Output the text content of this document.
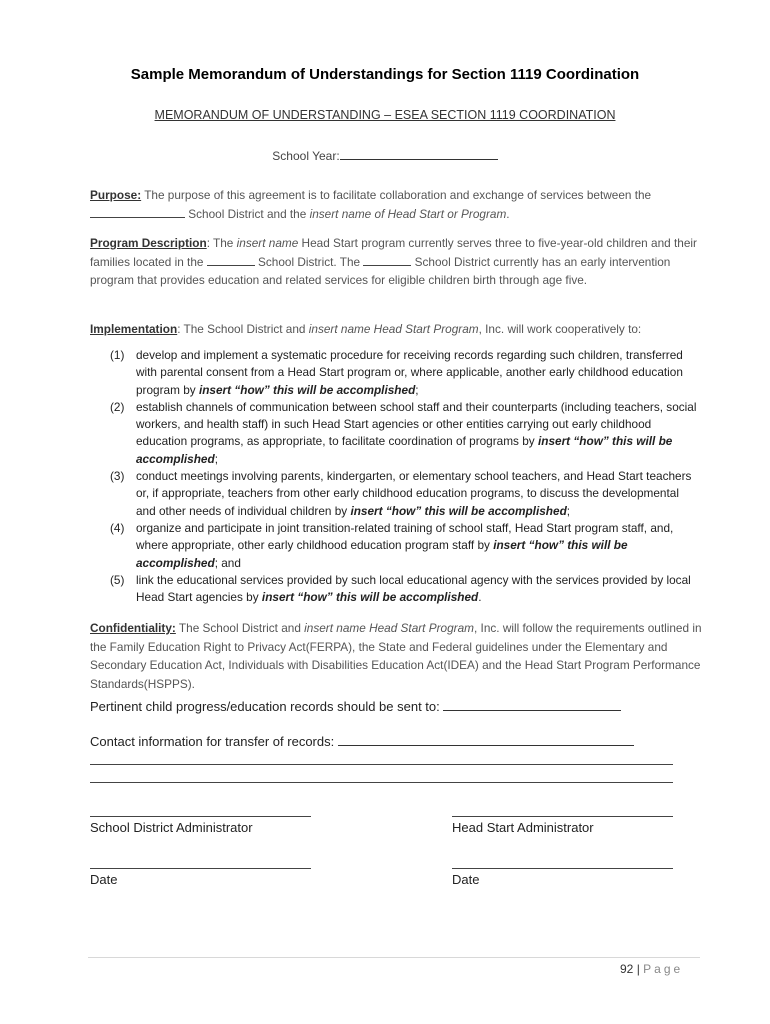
Sample Memorandum of Understandings for Section 1119 Coordination
MEMORANDUM OF UNDERSTANDING – ESEA SECTION 1119 COORDINATION
School Year:
Purpose: The purpose of this agreement is to facilitate collaboration and exchange of services between the  School District and the insert name of Head Start or Program.
Program Description: The insert name Head Start program currently serves three to five-year-old children and their families located in the	School District. The	School District currently has an early intervention program that provides education and related services for eligible children birth through age five.
Implementation: The School District and insert name Head Start Program, Inc. will work cooperatively to:
(1) develop and implement a systematic procedure for receiving records regarding such children, transferred with parental consent from a Head Start program or, where applicable, another early childhood education program by insert “how” this will be accomplished;
(2) establish channels of communication between school staff and their counterparts (including teachers, social workers, and health staff) in such Head Start agencies or other entities carrying out early childhood education programs, as appropriate, to facilitate coordination of programs by insert “how” this will be accomplished;
(3) conduct meetings involving parents, kindergarten, or elementary school teachers, and Head Start teachers or, if appropriate, teachers from other early childhood education programs, to discuss the developmental and other needs of individual children by insert “how” this will be accomplished;
(4) organize and participate in joint transition-related training of school staff, Head Start program staff, and, where appropriate, other early childhood education program staff by insert “how” this will be accomplished; and
(5) link the educational services provided by such local educational agency with the services provided by local Head Start agencies by insert “how” this will be accomplished.
Confidentiality: The School District and insert name Head Start Program, Inc. will follow the requirements outlined in the Family Education Right to Privacy Act(FERPA), the State and Federal guidelines under the Elementary and Secondary Education Act, Individuals with Disabilities Education Act(IDEA) and the Head Start Program Performance Standards(HSPPS).
Pertinent child progress/education records should be sent to:
Contact information for transfer of records:
School District Administrator	Head Start Administrator
Date	Date
92 | Page
